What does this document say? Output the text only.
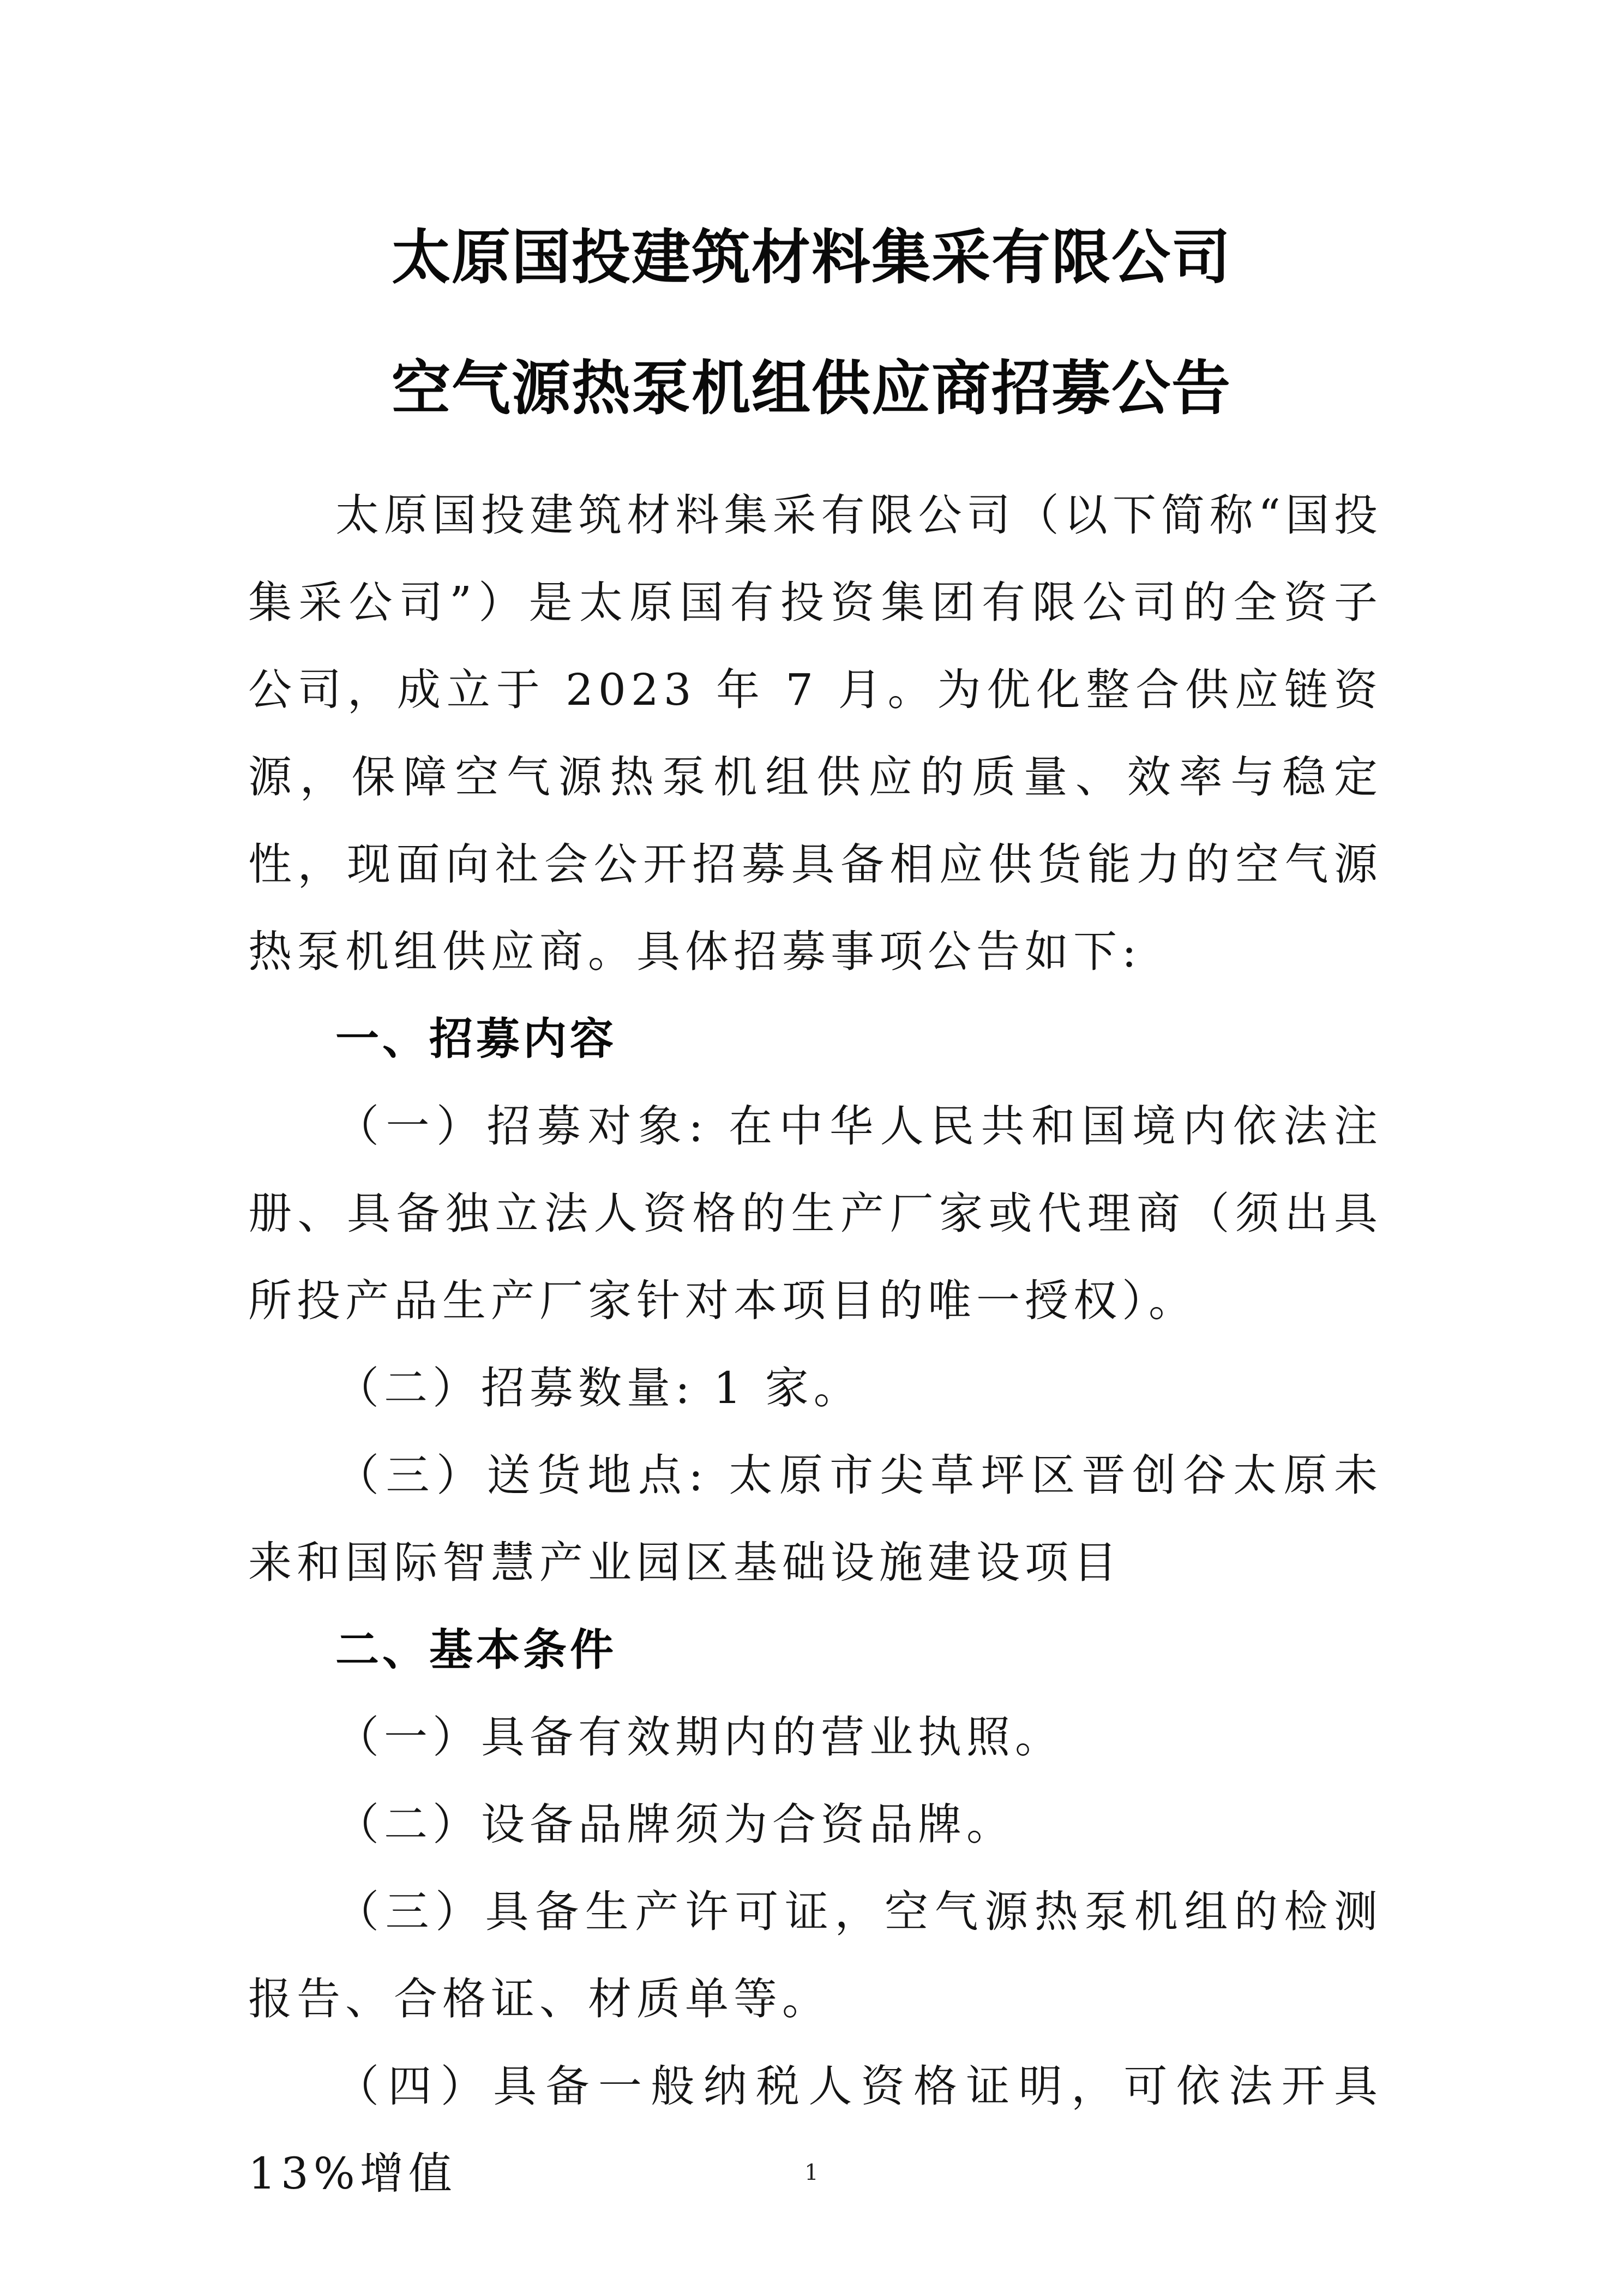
太原国投建筑材料集采有限公司
空气源热泵机组供应商招募公告

太原国投建筑材料集采有限公司（以下简称“国投集采公司”）是太原国有投资集团有限公司的全资子公司，成立于 2023 年 7 月。为优化整合供应链资源，保障空气源热泵机组供应的质量、效率与稳定性，现面向社会公开招募具备相应供货能力的空气源热泵机组供应商。具体招募事项公告如下:

一、招募内容

（一）招募对象: 在中华人民共和国境内依法注册、具备独立法人资格的生产厂家或代理商（须出具所投产品生产厂家针对本项目的唯一授权）。

（二）招募数量: 1 家。

（三）送货地点: 太原市尖草坪区晋创谷太原未来和国际智慧产业园区基础设施建设项目

二、基本条件

（一）具备有效期内的营业执照。

（二）设备品牌须为合资品牌。

（三）具备生产许可证，空气源热泵机组的检测报告、合格证、材质单等。

（四）具备一般纳税人资格证明，可依法开具 13%增值	1
